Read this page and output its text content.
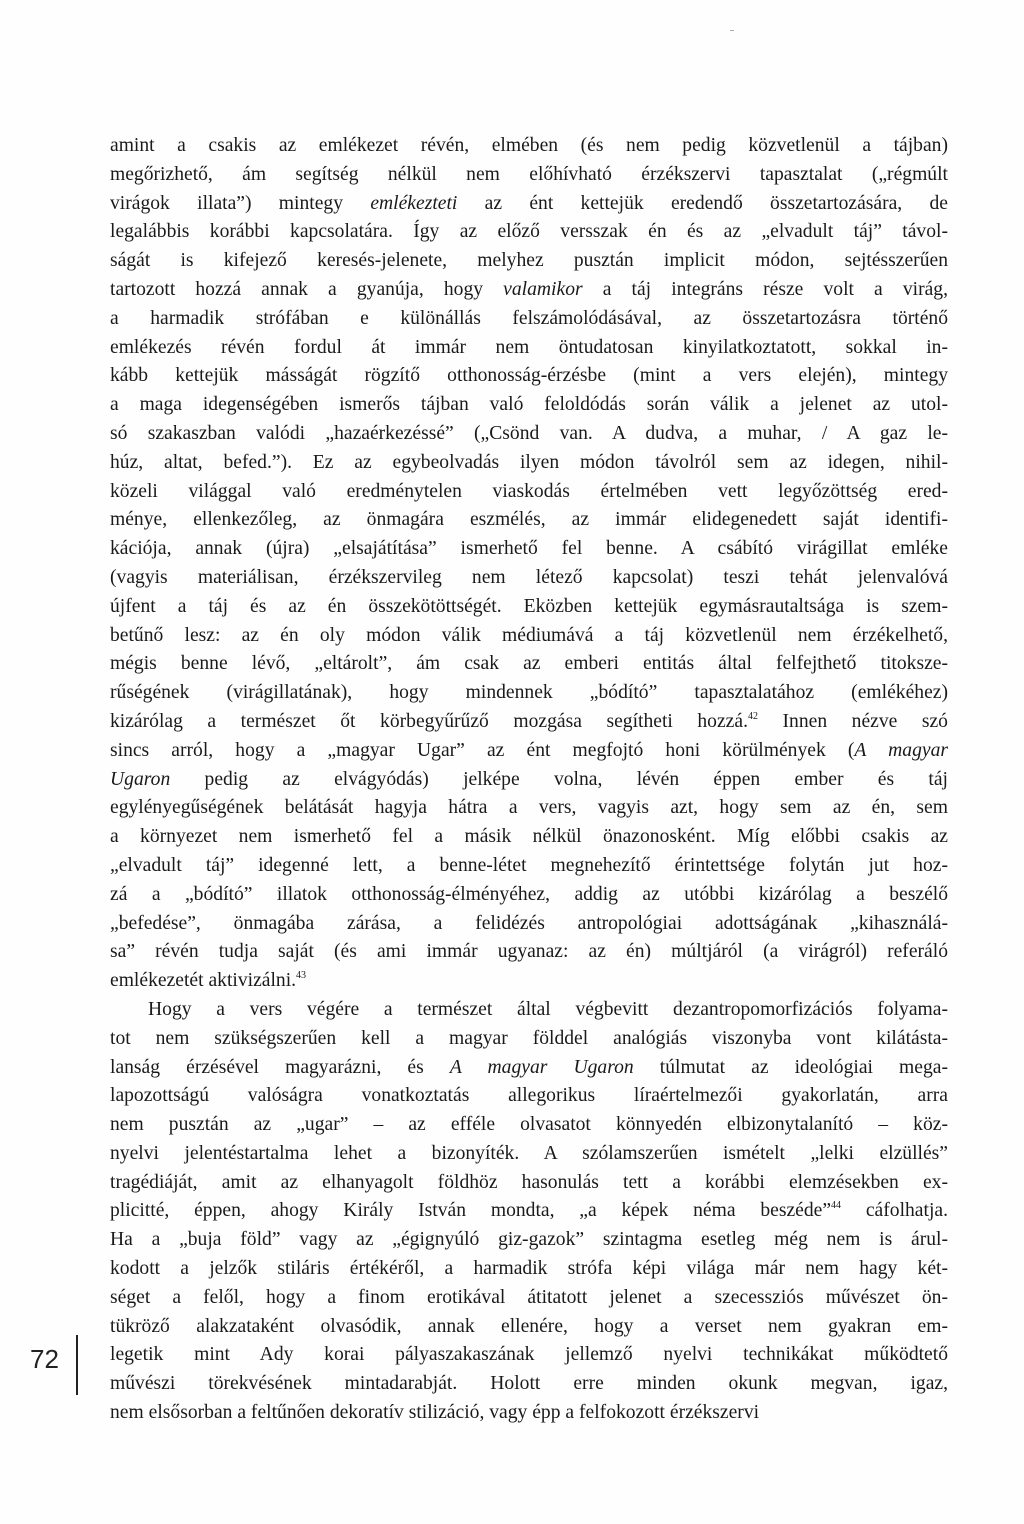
amint a csakis az emlékezet révén, elmében (és nem pedig közvetlenül a tájban)
megőrizhető, ám segítség nélkül nem előhívható érzékszervi tapasztalat („régmúlt
virágok illata”) mintegy emlékezteti az ént kettejük eredendő összetartozására, de
legalábbis korábbi kapcsolatára. Így az előző versszak én és az „elvadult táj” távol-
ságát is kifejező keresés-jelenete, melyhez pusztán implicit módon, sejtésszerűen
tartozott hozzá annak a gyanúja, hogy valamikor a táj integráns része volt a virág,
a harmadik strófában e különállás felszámolódásával, az összetartozásra történő
emlékezés révén fordul át immár nem öntudatosan kinyilatkoztatott, sokkal in-
kább kettejük másságát rögzítő otthonosság-érzésbe (mint a vers elején), mintegy
a maga idegenségében ismerős tájban való feloldódás során válik a jelenet az utol-
só szakaszban valódi „hazaérkezéssé” („Csönd van. A dudva, a muhar, / A gaz le-
húz, altat, befed.”). Ez az egybeolvadás ilyen módon távolról sem az idegen, nihil-
közeli világgal való eredménytelen viaskodás értelmében vett legyőzöttség ered-
ménye, ellenkezőleg, az önmagára eszmélés, az immár elidegenedett saját identifi-
kációja, annak (újra) „elsajátítása” ismerhető fel benne. A csábító virágillat emléke
(vagyis materiálisan, érzékszervileg nem létező kapcsolat) teszi tehát jelenvalóvá
újfent a táj és az én összekötöttségét. Eközben kettejük egymásrautaltsága is szem-
betűnő lesz: az én oly módon válik médiumává a táj közvetlenül nem érzékelhető,
mégis benne lévő, „eltárolt”, ám csak az emberi entitás által felfejthető titoksze-
rűségének (virágillatának), hogy mindennek „bódító” tapasztalatához (emlékéhez)
kizárólag a természet őt körbegyűrűző mozgása segítheti hozzá.$^{42}$ Innen nézve szó
sincs arról, hogy a „magyar Ugar” az ént megfojtó honi körülmények (A magyar
Ugaron pedig az elvágyódás) jelképe volna, lévén éppen ember és táj
egylényegűségének belátását hagyja hátra a vers, vagyis azt, hogy sem az én, sem
a környezet nem ismerhető fel a másik nélkül önazonosként. Míg előbbi csakis az
„elvadult táj” idegenné lett, a benne-létet megnehezítő érintettsége folytán jut hoz-
zá a „bódító” illatok otthonosság-élményéhez, addig az utóbbi kizárólag a beszélő
„befedése”, önmagába zárása, a felidézés antropológiai adottságának „kihasználá-
sa” révén tudja saját (és ami immár ugyanaz: az én) múltjáról (a virágról) referáló
emlékezetét aktivizálni.$^{43}$

Hogy a vers végére a természet által végbevitt dezantropomorfizációs folyama-
tot nem szükségszerűen kell a magyar földdel analógiás viszonyba vont kilátásta-
lanság érzésével magyarázni, és A magyar Ugaron túlmutat az ideológiai mega-
lapozottságú valóságra vonatkoztatás allegorikus líraértelmezői gyakorlatán, arra
nem pusztán az „ugar” – az efféle olvasatot könnyedén elbizonytalanító – köz-
nyelvi jelentéstartalma lehet a bizonyíték. A szólamszerűen ismételt „lelki elzüllés”
tragédiáját, amit az elhanyagolt földhöz hasonulás tett a korábbi elemzésekben ex-
plicitté, éppen, ahogy Király István mondta, „a képek néma beszéde”$^{44}$ cáfolhatja.
Ha a „buja föld” vagy az „égignyúló giz-gazok” szintagma esetleg még nem is árul-
kodott a jelzők stiláris értékéről, a harmadik strófa képi világa már nem hagy két-
séget a felől, hogy a finom erotikával átitatott jelenet a szecessziós művészet ön-
tükröző alakzataként olvasódik, annak ellenére, hogy a verset nem gyakran em-
legetik mint Ady korai pályaszakaszának jellemző nyelvi technikákat működtető
művészi törekvésének mintadarabját. Holott erre minden okunk megvan, igaz,
nem elsősorban a feltűnően dekoratív stilizáció, vagy épp a felfokozott érzékszervi

72
